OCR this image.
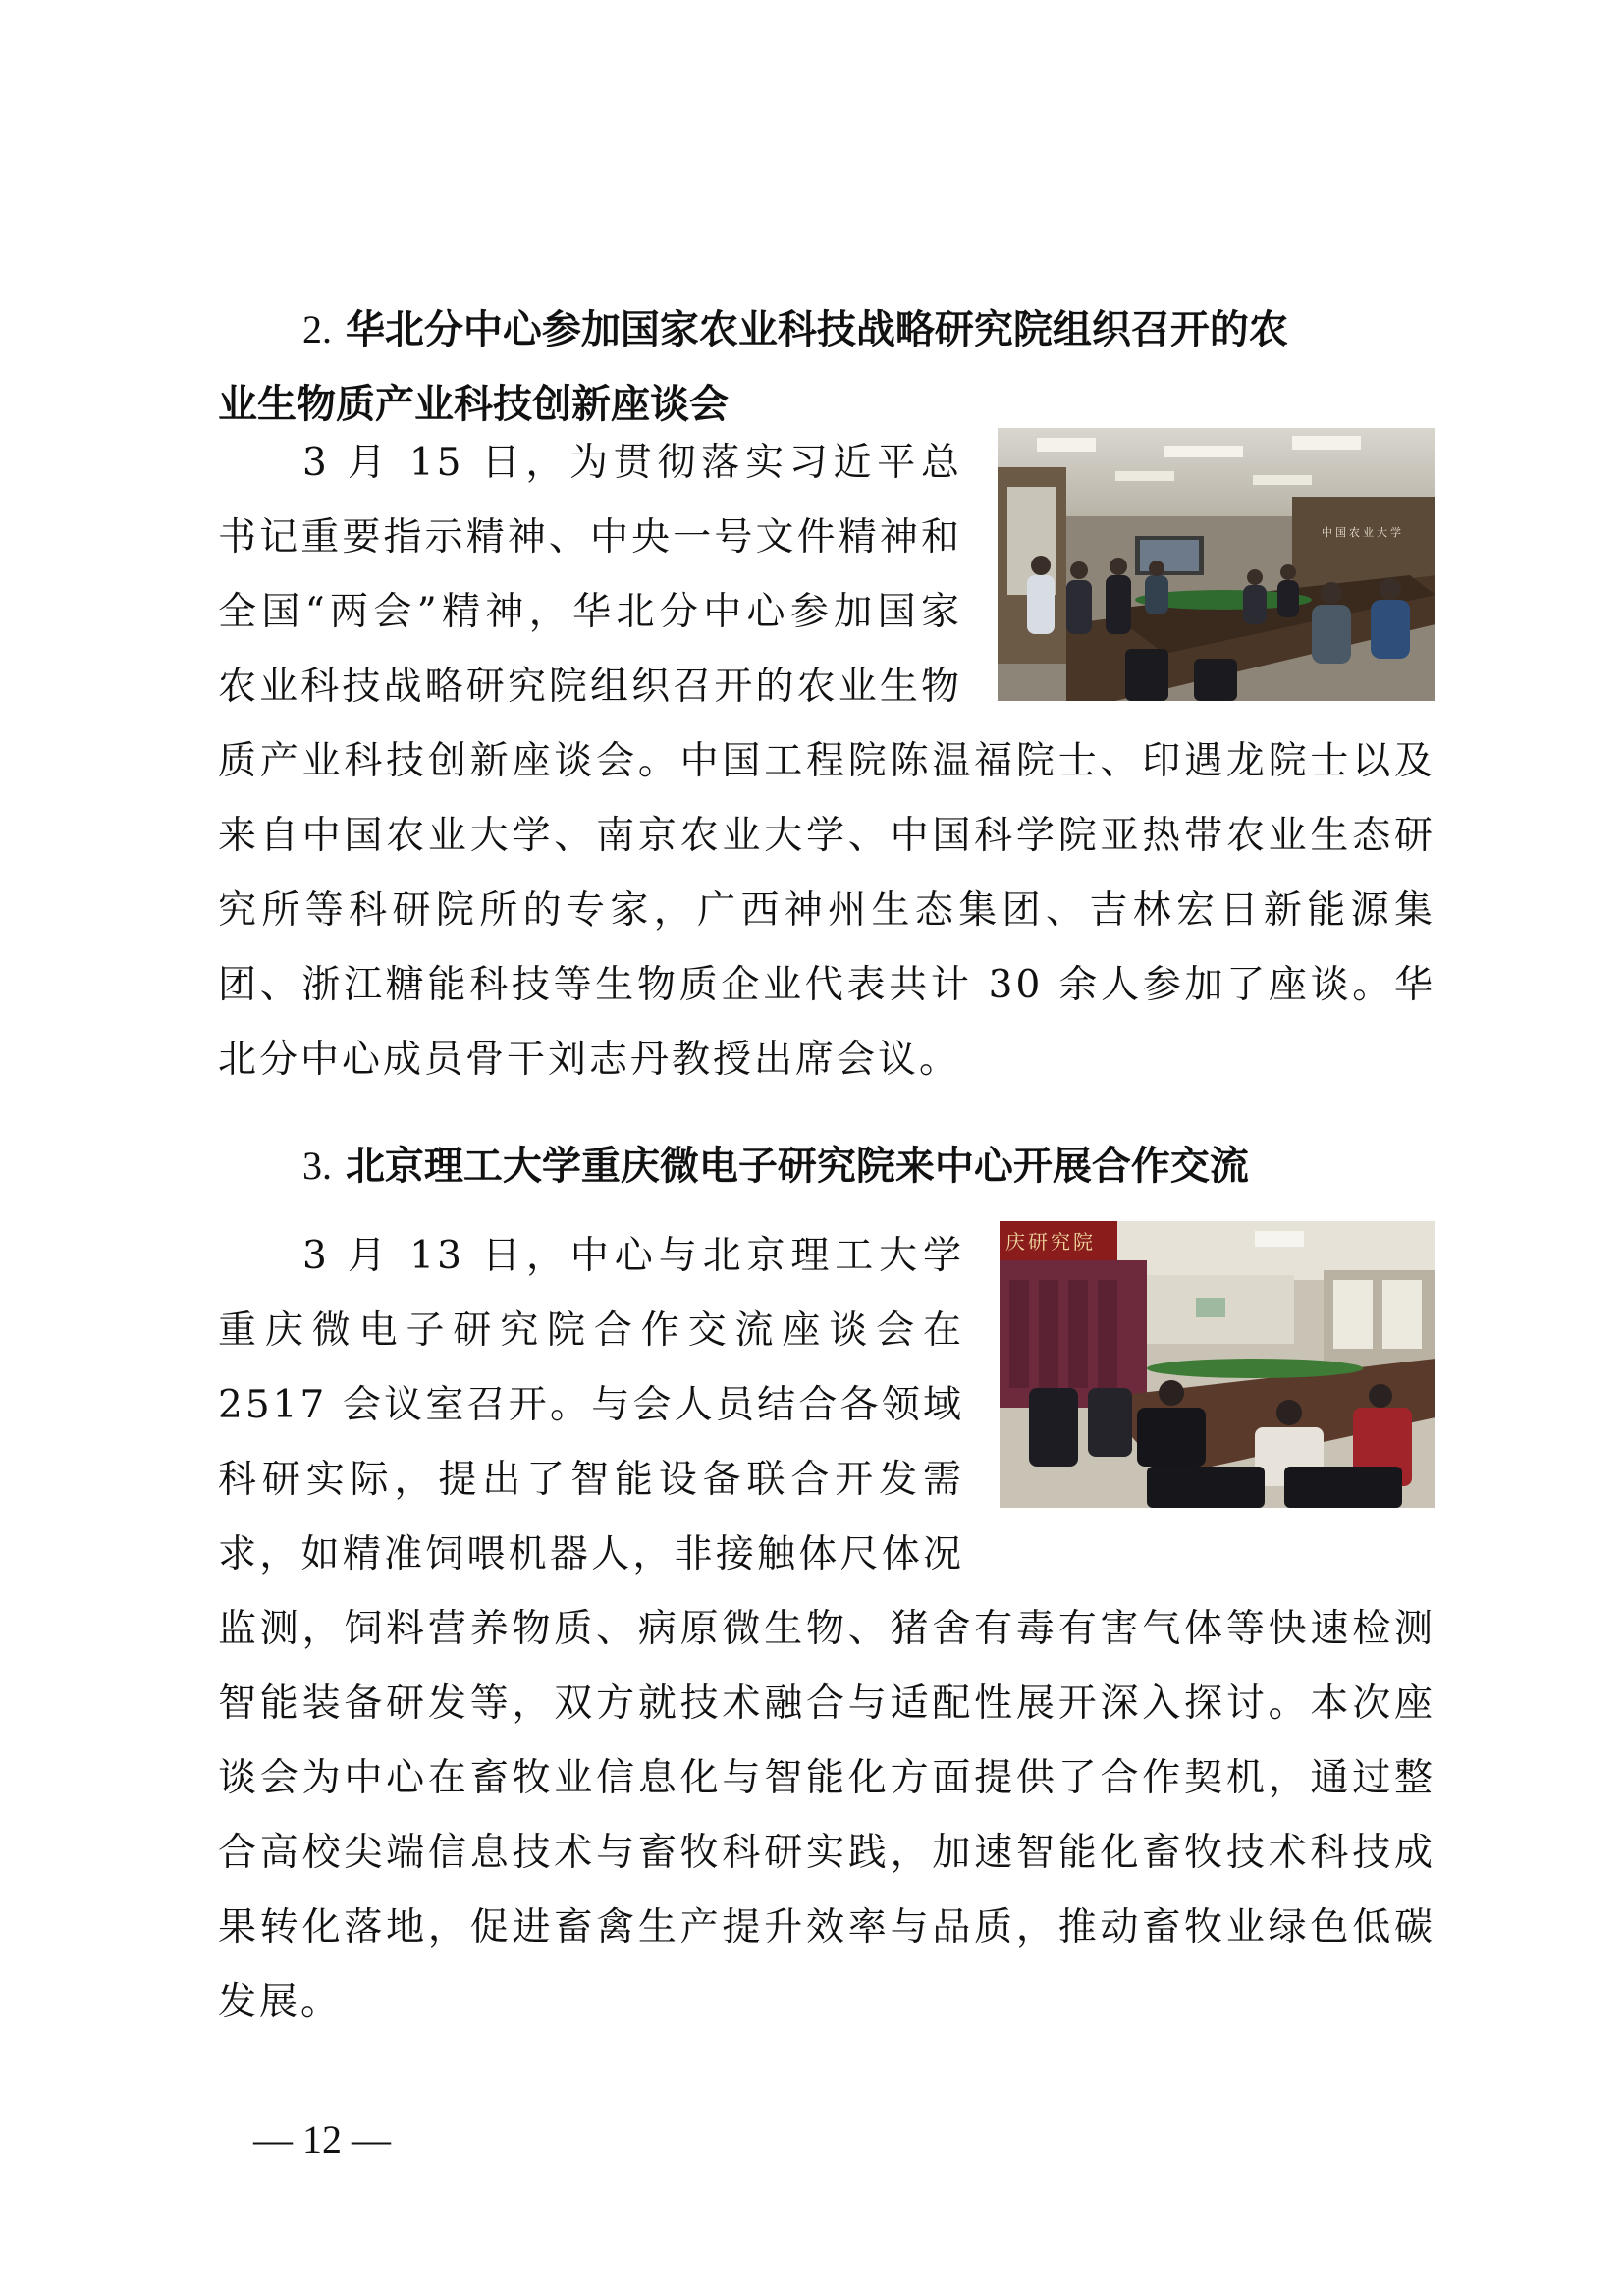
2. 华北分中心参加国家农业科技战略研究院组织召开的农
业生物质产业科技创新座谈会
中国农业大学
3 月 15 日，为贯彻落实习近平总书记重要指示精神、中央一号文件精神和全国“两会”精神，华北分中心参加国家农业科技战略研究院组织召开的农业生物质产业科技创新座谈会。中国工程院陈温福院士、印遇龙院士以及来自中国农业大学、南京农业大学、中国科学院亚热带农业生态研究所等科研院所的专家，广西神州生态集团、吉林宏日新能源集团、浙江糖能科技等生物质企业代表共计 30 余人参加了座谈。华北分中心成员骨干刘志丹教授出席会议。
3. 北京理工大学重庆微电子研究院来中心开展合作交流
庆研究院
3 月 13 日，中心与北京理工大学重庆微电子研究院合作交流座谈会在 2517 会议室召开。与会人员结合各领域科研实际，提出了智能设备联合开发需求，如精准饲喂机器人，非接触体尺体况监测，饲料营养物质、病原微生物、猪舍有毒有害气体等快速检测智能装备研发等，双方就技术融合与适配性展开深入探讨。本次座谈会为中心在畜牧业信息化与智能化方面提供了合作契机，通过整合高校尖端信息技术与畜牧科研实践，加速智能化畜牧技术科技成果转化落地，促进畜禽生产提升效率与品质，推动畜牧业绿色低碳发展。
— 12 —
